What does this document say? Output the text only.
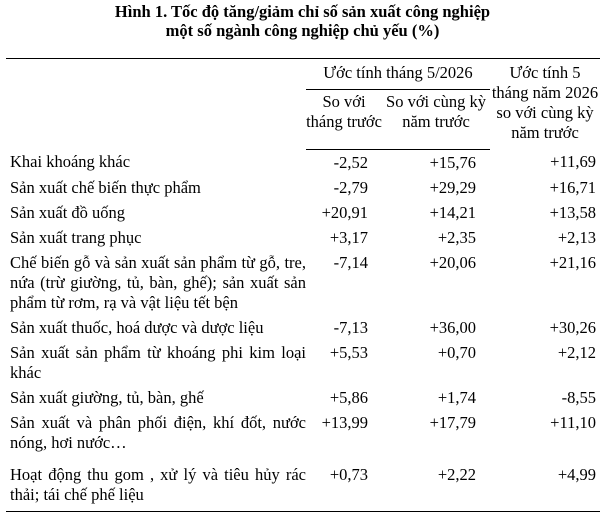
Hình 1. Tốc độ tăng/giảm chỉ số sản xuất công nghiệp
một số ngành công nghiệp chủ yếu (%)
	Ước tính tháng 5/2026		Ước tính 5 tháng năm 2026 so với cùng kỳ năm trước
	So với tháng trước	So với cùng kỳ năm trước	
Khai khoáng khác	-2,52	+15,76	+11,69
Sản xuất chế biến thực phẩm	-2,79	+29,29	+16,71
Sản xuất đồ uống	+20,91	+14,21	+13,58
Sản xuất trang phục	+3,17	+2,35	+2,13
Chế biến gỗ và sản xuất sản phẩm từ gỗ, tre, nứa (trừ giường, tủ, bàn, ghế); sản xuất sản phẩm từ rơm, rạ và vật liệu tết bện	-7,14	+20,06	+21,16
Sản xuất thuốc, hoá dược và dược liệu	-7,13	+36,00	+30,26
Sản xuất sản phẩm từ khoáng phi kim loại khác	+5,53	+0,70	+2,12
Sản xuất giường, tủ, bàn, ghế	+5,86	+1,74	-8,55
Sản xuất và phân phối điện, khí đốt, nước nóng, hơi nước…	+13,99	+17,79	+11,10
Hoạt động thu gom , xử lý và tiêu hủy rác thải; tái chế phế liệu	+0,73	+2,22	+4,99
